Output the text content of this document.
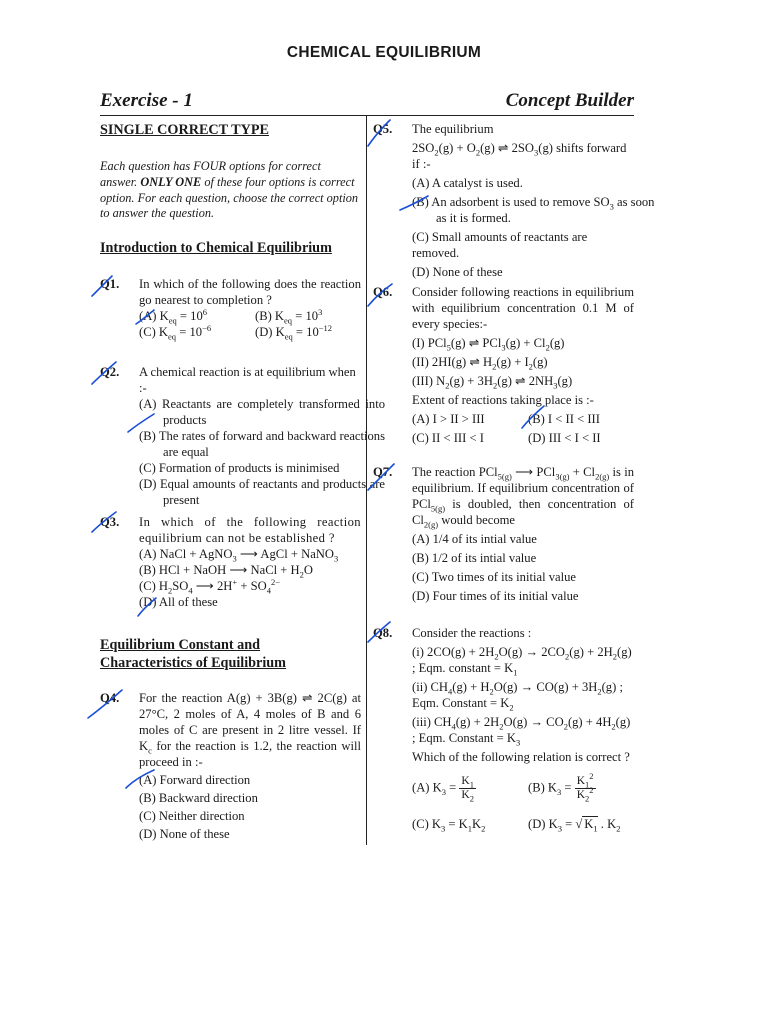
CHEMICAL EQUILIBRIUM
Exercise - 1	Concept Builder
SINGLE CORRECT TYPE
Each question has FOUR options for correct answer. ONLY ONE of these four options is correct option. For each question, choose the correct option to answer the question.
Introduction to Chemical Equilibrium
Q1. In which of the following does the reaction go nearest to completion ?
(A) $K_{eq} = 10^6$	(B) $K_{eq} = 10^3$
(C) $K_{eq} = 10^{-6}$	(D) $K_{eq} = 10^{-12}$
Q2. A chemical reaction is at equilibrium when :-
(A) Reactants are completely transformed into products
(B) The rates of forward and backward reactions are equal
(C) Formation of products is minimised
(D) Equal amounts of reactants and products are present
Q3. In which of the following reaction equilibrium can not be established ?
(A) NaCl + AgNO$_3$ ⟶ AgCl + NaNO$_3$
(B) HCl + NaOH ⟶ NaCl + $H_2O$
(C) $H_2SO_4$ ⟶ $2H^+ + SO_4^{2-}$
(D) All of these
Equilibrium Constant and
Characteristics of Equilibrium
Q4. For the reaction A(g) + 3B(g) ⇌ 2C(g) at 27°C, 2 moles of A, 4 moles of B and 6 moles of C are present in 2 litre vessel. If $K_c$ for the reaction is 1.2, the reaction will proceed in :-
(A) Forward direction
(B) Backward direction
(C) Neither direction
(D) None of these
Q5. The equilibrium
$2SO_2(g) + O_2(g)$ ⇌ $2SO_3(g)$ shifts forward if :-
(A) A catalyst is used.
(B) An adsorbent is used to remove $SO_3$ as soon as it is formed.
(C) Small amounts of reactants are removed.
(D) None of these
Q6. Consider following reactions in equilibrium with equilibrium concentration 0.1 M of every species:-
(I) PCl$_5$(g) ⇌ $PCl_3(g) + Cl_2(g)$
(II) 2HI(g) ⇌ $H_2(g) + I_2(g)$
(III) $N_2(g) + 3H_2(g)$ ⇌ $2NH_3(g)$
Extent of reactions taking place is :-
(A) I > II > III	(B) I < II < III
(C) II < III < I	(D) III < I < II
Q7. The reaction PCl$_{5(g)}$ ⟶ $PCl_{3(g)} + Cl_{2(g)}$ is in equilibrium. If equilibrium concentration of PCl$_{5(g)}$ is doubled, then concentration of $Cl_{2(g)}$ would become
(A) 1/4 of its intial value
(B) 1/2 of its intial value
(C) Two times of its initial value
(D) Four times of its initial value
Q8. Consider the reactions :
(i) $2CO(g) + 2H_2O(g) \to 2CO_2(g) + 2H_2(g)$ ; Eqm. constant = $K_1$
(ii) $CH_4(g) + H_2O(g) \to CO(g) + 3H_2(g)$ ; Eqm. Constant = $K_2$
(iii) $CH_4(g) + 2H_2O(g) \to CO_2(g) + 4H_2(g)$ ; Eqm. Constant = $K_3$
Which of the following relation is correct ?
(A) $K_3 = \frac{K_1}{K_2}$	(B) $K_3 = \frac{K_1^2}{K_2^2}$
(C) $K_3 = K_1K_2$	(D) $K_3$ = √ $K_1$ . $K_2$
